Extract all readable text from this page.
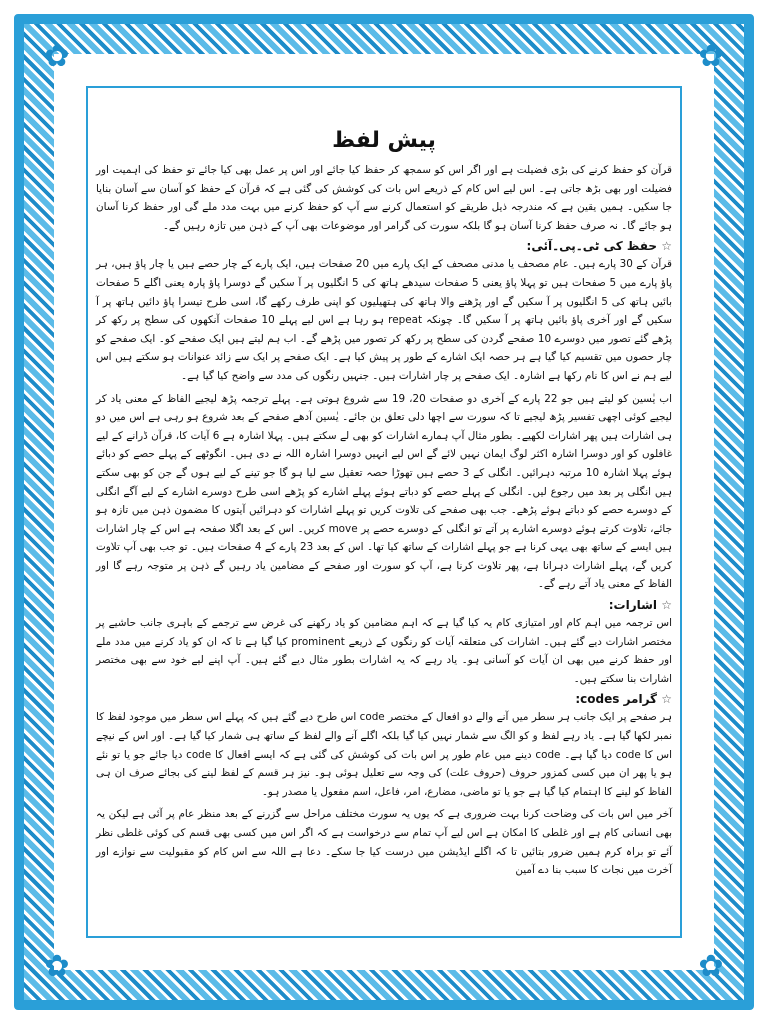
✿	✿
✿	✿
پیش لفظ

قرآن کو حفظ کرنے کی بڑی فضیلت ہے اور اگر اس کو سمجھ کر حفظ کیا جائے اور اس پر عمل بھی کیا جائے تو حفظ کی اہمیت اور فضیلت اور بھی بڑھ جاتی ہے۔ اس لیے اس کام کے ذریعے اس بات کی کوشش کی گئی ہے کہ قرآن کے حفظ کو آسان سے آسان بنایا جا سکیں۔ ہمیں یقین ہے کہ مندرجہ ذیل طریقے کو استعمال کرنے سے آپ کو حفظ کرنے میں بہت مدد ملے گی اور حفظ کرنا آسان ہو جائے گا۔ نہ صرف حفظ کرنا آسان ہو گا بلکہ سورت کی گرامر اور موضوعات بھی آپ کے ذہن میں تازہ رہیں گے۔

☆ حفظ کی ٹی۔پی۔آئی:

قرآن کے 30 پارے ہیں۔ عام مصحف یا مدنی مصحف کے ایک پارے میں 20 صفحات ہیں، ایک پارے کے چار حصے ہیں یا چار پاؤ ہیں، ہر پاؤ پارے میں 5 صفحات ہیں تو پہلا پاؤ یعنی 5 صفحات سیدھے ہاتھ کی 5 انگلیوں پر آ سکیں گے دوسرا پاؤ پارہ یعنی اگلے 5 صفحات بائیں ہاتھ کی 5 انگلیوں پر آ سکیں گے اور پڑھنے والا ہاتھ کی ہتھیلیوں کو اپنی طرف رکھے گا، اسی طرح تیسرا پاؤ دائیں ہاتھ پر آ سکیں گے اور آخری پاؤ بائیں ہاتھ پر آ سکیں گا۔ چونکہ repeat ہو رہا ہے اس لیے پہلے 10 صفحات آنکھوں کی سطح پر رکھ کر پڑھے گئے تصور میں دوسرے 10 صفحے گردن کی سطح پر رکھ کر تصور میں پڑھے گے۔ اب ہم لیتے ہیں ایک صفحے کو۔ ایک صفحے کو چار حصوں میں تقسیم کیا گیا ہے ہر حصہ ایک اشارے کے طور پر پیش کیا ہے۔ ایک صفحے پر ایک سے زائد عنوانات ہو سکتے ہیں اس لیے ہم نے اس کا نام رکھا ہے اشارہ۔ ایک صفحے پر چار اشارات ہیں۔ جنہیں رنگوں کی مدد سے واضح کیا گیا ہے۔

اب یٰسین کو لیتے ہیں جو 22 پارے کے آخری دو صفحات 20، 19 سے شروع ہوتی ہے۔ پہلے ترجمہ پڑھ لیجیے الفاظ کے معنی یاد کر لیجیے کوئی اچھی تفسیر پڑھ لیجیے تا کہ سورت سے اچھا دلی تعلق بن جائے۔ یٰسین آدھے صفحے کے بعد شروع ہو رہی ہے اس میں دو ہی اشارات ہیں پھر اشارات لکھیے۔ بطور مثال آپ ہمارے اشارات کو بھی لے سکتے ہیں۔ پہلا اشارہ ہے 6 آیات کا، قرآن ڈرانے کے لیے غافلوں کو اور دوسرا اشارہ اکثر لوگ ایمان نہیں لائے گے اس لیے انہیں دوسرا اشارہ اللہ نے دی ہیں۔ انگوٹھے کے پہلے حصے کو دبائے ہوئے پہلا اشارہ 10 مرتبہ دہرائیں۔ انگلی کے 3 حصے ہیں تھوڑا حصہ تعقیل سے لیا ہو گا جو تینے کے لیے ہوں گے جن کو بھی سکتے ہیں انگلی پر بعد میں رجوع لیں۔ انگلی کے پہلے حصے کو دباتے ہوئے پہلے اشارے کو پڑھے اسی طرح دوسرے اشارے کے لیے آگے انگلی کے دوسرے حصے کو دباتے ہوئے پڑھے۔ جب بھی صفحے کی تلاوت کریں تو پہلے اشارات کو دہرائیں آیتوں کا مضمون ذہن میں تازہ ہو جائے، تلاوت کرتے ہوئے دوسرے اشارے پر آتے تو انگلی کے دوسرے حصے پر move کریں۔ اس کے بعد اگلا صفحہ ہے اس کے چار اشارات ہیں ایسے کے ساتھ بھی یہی کرنا ہے جو پہلے اشارات کے ساتھ کیا تھا۔ اس کے بعد 23 پارے کے 4 صفحات ہیں۔ تو جب بھی آپ تلاوت کریں گے، پہلے اشارات دہرانا ہے، پھر تلاوت کرنا ہے، آپ کو سورت اور صفحے کے مضامین یاد رہیں گے ذہن پر متوجہ رہے گا اور الفاظ کے معنی یاد آتے رہے گے۔

☆ اشارات:

اس ترجمہ میں اہم کام اور امتیازی کام یہ کیا گیا ہے کہ اہم مضامین کو یاد رکھنے کی غرض سے ترجمے کے باہری جانب حاشیے پر مختصر اشارات دیے گئے ہیں۔ اشارات کی متعلقہ آیات کو رنگوں کے ذریعے prominent کیا گیا ہے تا کہ ان کو یاد کرنے میں مدد ملے اور حفظ کرنے میں بھی ان آیات کو آسانی ہو۔ یاد رہے کہ یہ اشارات بطور مثال دیے گئے ہیں۔ آپ اپنے لیے خود سے بھی مختصر اشارات بنا سکتے ہیں۔

☆ گرامر codes:

ہر صفحے پر ایک جانب ہر سطر میں آنے والے دو افعال کے مختصر code اس طرح دیے گئے ہیں کہ پہلے اس سطر میں موجود لفظ کا نمبر لکھا گیا ہے۔ یاد رہے لفظ و کو الگ سے شمار نہیں کیا گیا بلکہ اگلے آنے والے لفظ کے ساتھ ہی شمار کیا گیا ہے۔ اور اس کے نیچے اس کا code دیا گیا ہے۔ code دینے میں عام طور پر اس بات کی کوشش کی گئی ہے کہ ایسے افعال کا code دیا جائے جو یا تو نئے ہو یا پھر ان میں کسی کمزور حروف (حروف علت) کی وجہ سے تعلیل ہوئی ہو۔ نیز ہر قسم کے لفظ لینے کی بجائے صرف ان ہی الفاظ کو لینے کا اہتمام کیا گیا ہے جو یا تو ماضی، مضارع، امر، فاعل، اسم مفعول یا مصدر ہو۔

آخر میں اس بات کی وضاحت کرنا بہت ضروری ہے کہ یوں یہ سورت مختلف مراحل سے گزرنے کے بعد منظر عام پر آئی ہے لیکن یہ بھی انسانی کام ہے اور غلطی کا امکان ہے اس لیے آپ تمام سے درخواست ہے کہ اگر اس میں کسی بھی قسم کی کوئی غلطی نظر آئے تو براہ کرم ہمیں ضرور بتائیں تا کہ اگلے ایڈیشن میں درست کیا جا سکے۔ دعا ہے اللہ سے اس کام کو مقبولیت سے نوازے اور آخرت میں نجات کا سبب بنا دے آمین
